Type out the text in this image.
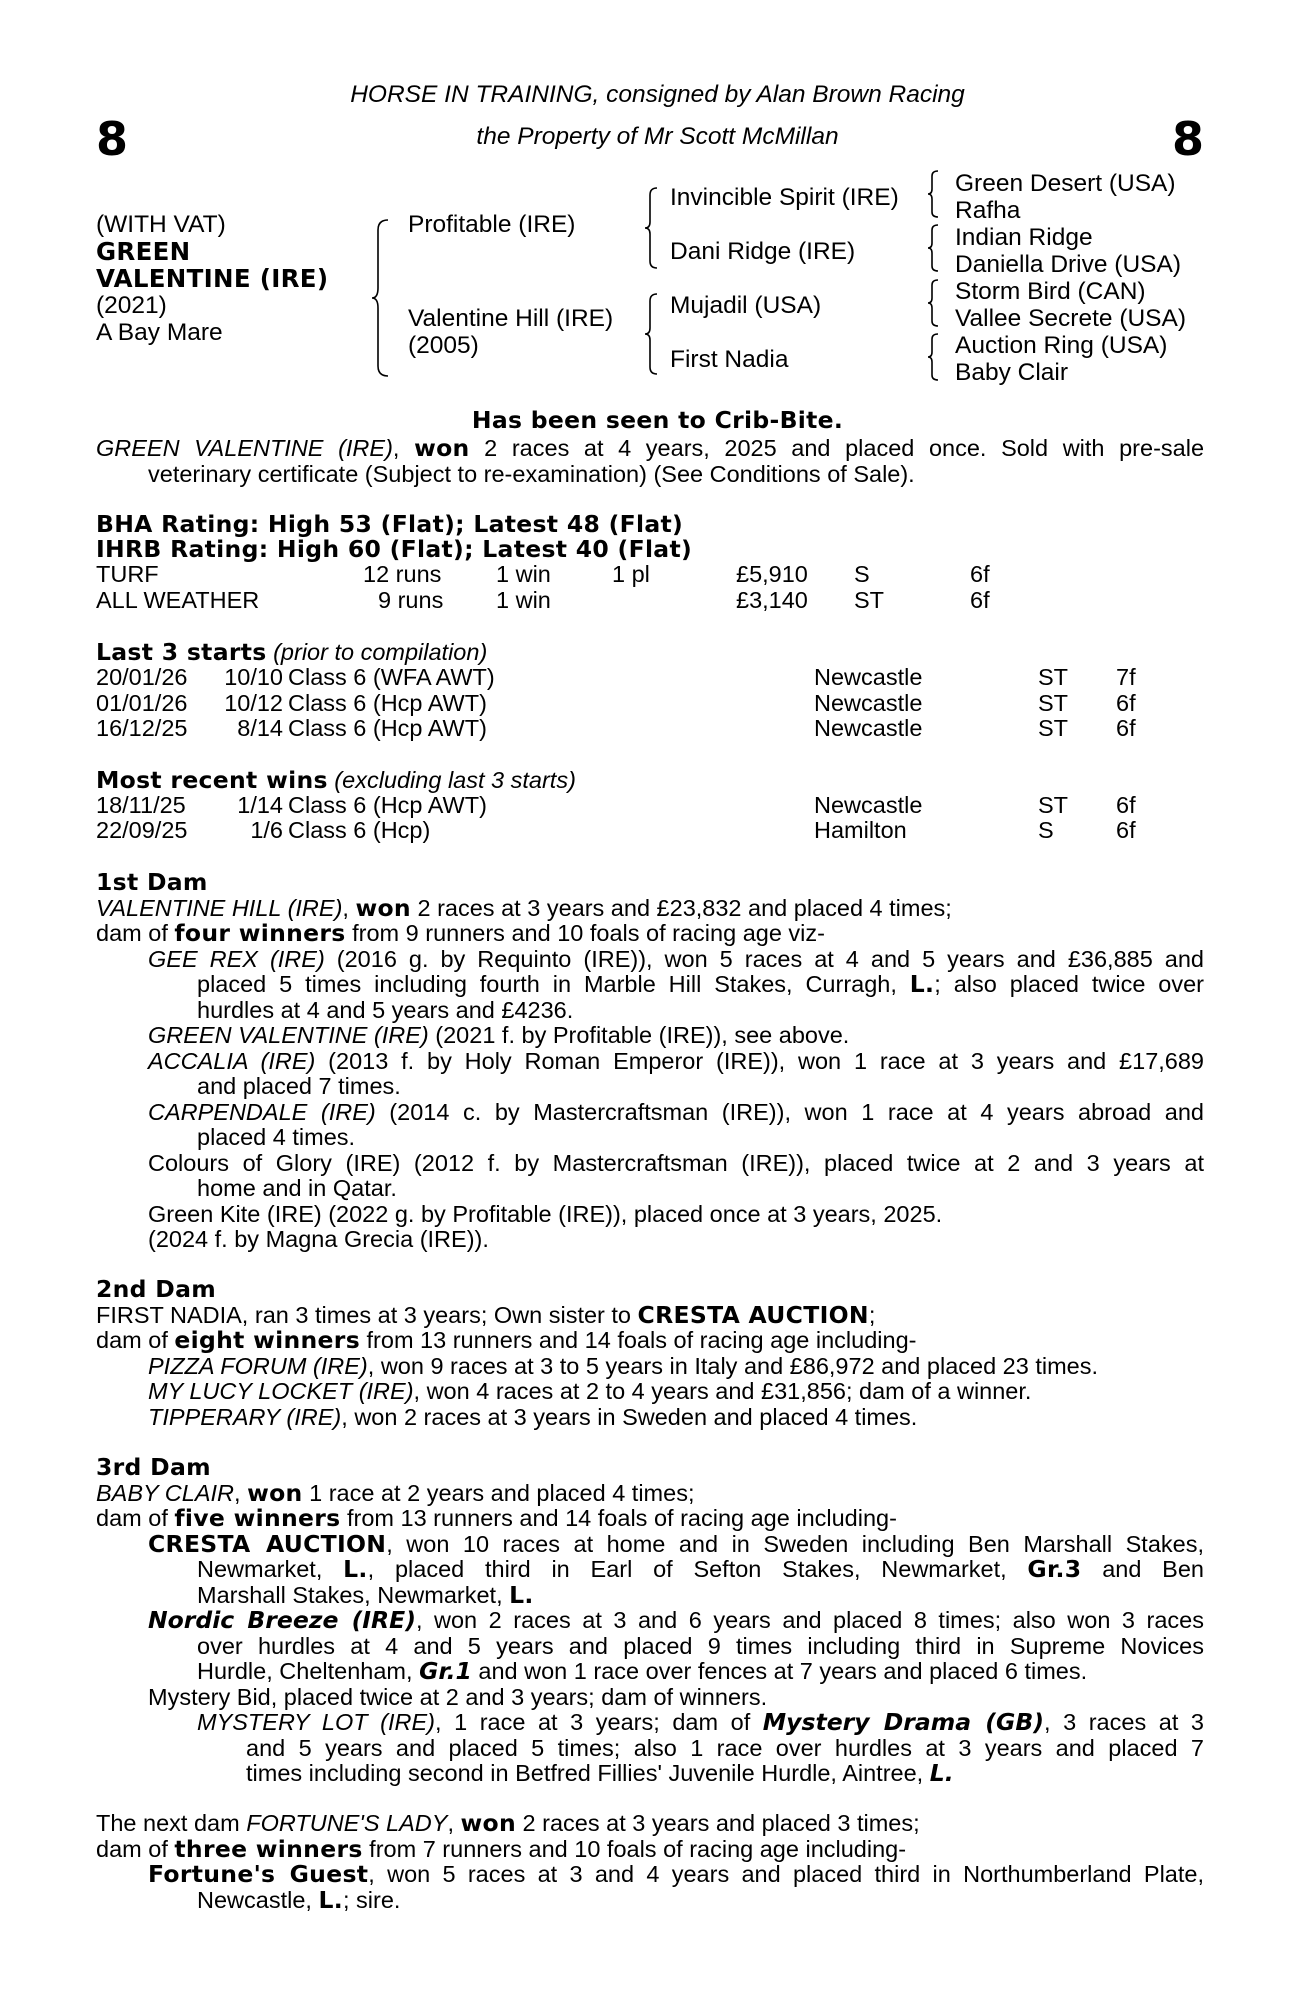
8	8
HORSE IN TRAINING, consigned by Alan Brown Racing
the Property of Mr Scott McMillan
(WITH VAT)
GREEN
VALENTINE (IRE)
(2021)
A Bay Mare
Profitable (IRE)
Valentine Hill (IRE)
(2005)
Invincible Spirit (IRE)
Dani Ridge (IRE)
Mujadil (USA)
First Nadia
Green Desert (USA)
Rafha
Indian Ridge
Daniella Drive (USA)
Storm Bird (CAN)
Vallee Secrete (USA)
Auction Ring (USA)
Baby Clair
Has been seen to Crib-Bite.
GREEN VALENTINE (IRE), won 2 races at 4 years, 2025 and placed once. Sold with pre-sale
veterinary certificate (Subject to re-examination) (See Conditions of Sale).
BHA Rating: High 53 (Flat); Latest 48 (Flat)
IHRB Rating: High 60 (Flat); Latest 40 (Flat)
TURF	12 runs 1 win	1 pl	£5,910 S	6f
ALL WEATHER	9 runs 1 win	£3,140 ST	6f
Last 3 starts (prior to compilation)
20/01/26	10/10 Class 6 (WFA AWT)	Newcastle	ST 7f
01/01/26	10/12 Class 6 (Hcp AWT)	Newcastle	ST 6f
16/12/25	8/14 Class 6 (Hcp AWT)	Newcastle	ST 6f
Most recent wins (excluding last 3 starts)
18/11/25	1/14 Class 6 (Hcp AWT)	Newcastle	ST 6f
22/09/25	1/6 Class 6 (Hcp)	Hamilton	S	6f
1st Dam
VALENTINE HILL (IRE), won 2 races at 3 years and £23,832 and placed 4 times;
dam of four winners from 9 runners and 10 foals of racing age viz-
GEE REX (IRE) (2016 g. by Requinto (IRE)), won 5 races at 4 and 5 years and £36,885 and
placed 5 times including fourth in Marble Hill Stakes, Curragh, L.; also placed twice over
hurdles at 4 and 5 years and £4236.
GREEN VALENTINE (IRE) (2021 f. by Profitable (IRE)), see above.
ACCALIA (IRE) (2013 f. by Holy Roman Emperor (IRE)), won 1 race at 3 years and £17,689
and placed 7 times.
CARPENDALE (IRE) (2014 c. by Mastercraftsman (IRE)), won 1 race at 4 years abroad and
placed 4 times.
Colours of Glory (IRE) (2012 f. by Mastercraftsman (IRE)), placed twice at 2 and 3 years at
home and in Qatar.
Green Kite (IRE) (2022 g. by Profitable (IRE)), placed once at 3 years, 2025.
(2024 f. by Magna Grecia (IRE)).
2nd Dam
FIRST NADIA, ran 3 times at 3 years; Own sister to CRESTA AUCTION;
dam of eight winners from 13 runners and 14 foals of racing age including-
PIZZA FORUM (IRE), won 9 races at 3 to 5 years in Italy and £86,972 and placed 23 times.
MY LUCY LOCKET (IRE), won 4 races at 2 to 4 years and £31,856; dam of a winner.
TIPPERARY (IRE), won 2 races at 3 years in Sweden and placed 4 times.
3rd Dam
BABY CLAIR, won 1 race at 2 years and placed 4 times;
dam of five winners from 13 runners and 14 foals of racing age including-
CRESTA AUCTION, won 10 races at home and in Sweden including Ben Marshall Stakes,
Newmarket, L., placed third in Earl of Sefton Stakes, Newmarket, Gr.3 and Ben
Marshall Stakes, Newmarket, L.
Nordic Breeze (IRE), won 2 races at 3 and 6 years and placed 8 times; also won 3 races
over hurdles at 4 and 5 years and placed 9 times including third in Supreme Novices
Hurdle, Cheltenham, Gr.1 and won 1 race over fences at 7 years and placed 6 times.
Mystery Bid, placed twice at 2 and 3 years; dam of winners.
MYSTERY LOT (IRE), 1 race at 3 years; dam of Mystery Drama (GB), 3 races at 3
and 5 years and placed 5 times; also 1 race over hurdles at 3 years and placed 7
times including second in Betfred Fillies' Juvenile Hurdle, Aintree, L.
The next dam FORTUNE'S LADY, won 2 races at 3 years and placed 3 times;
dam of three winners from 7 runners and 10 foals of racing age including-
Fortune's Guest, won 5 races at 3 and 4 years and placed third in Northumberland Plate,
Newcastle, L.; sire.
